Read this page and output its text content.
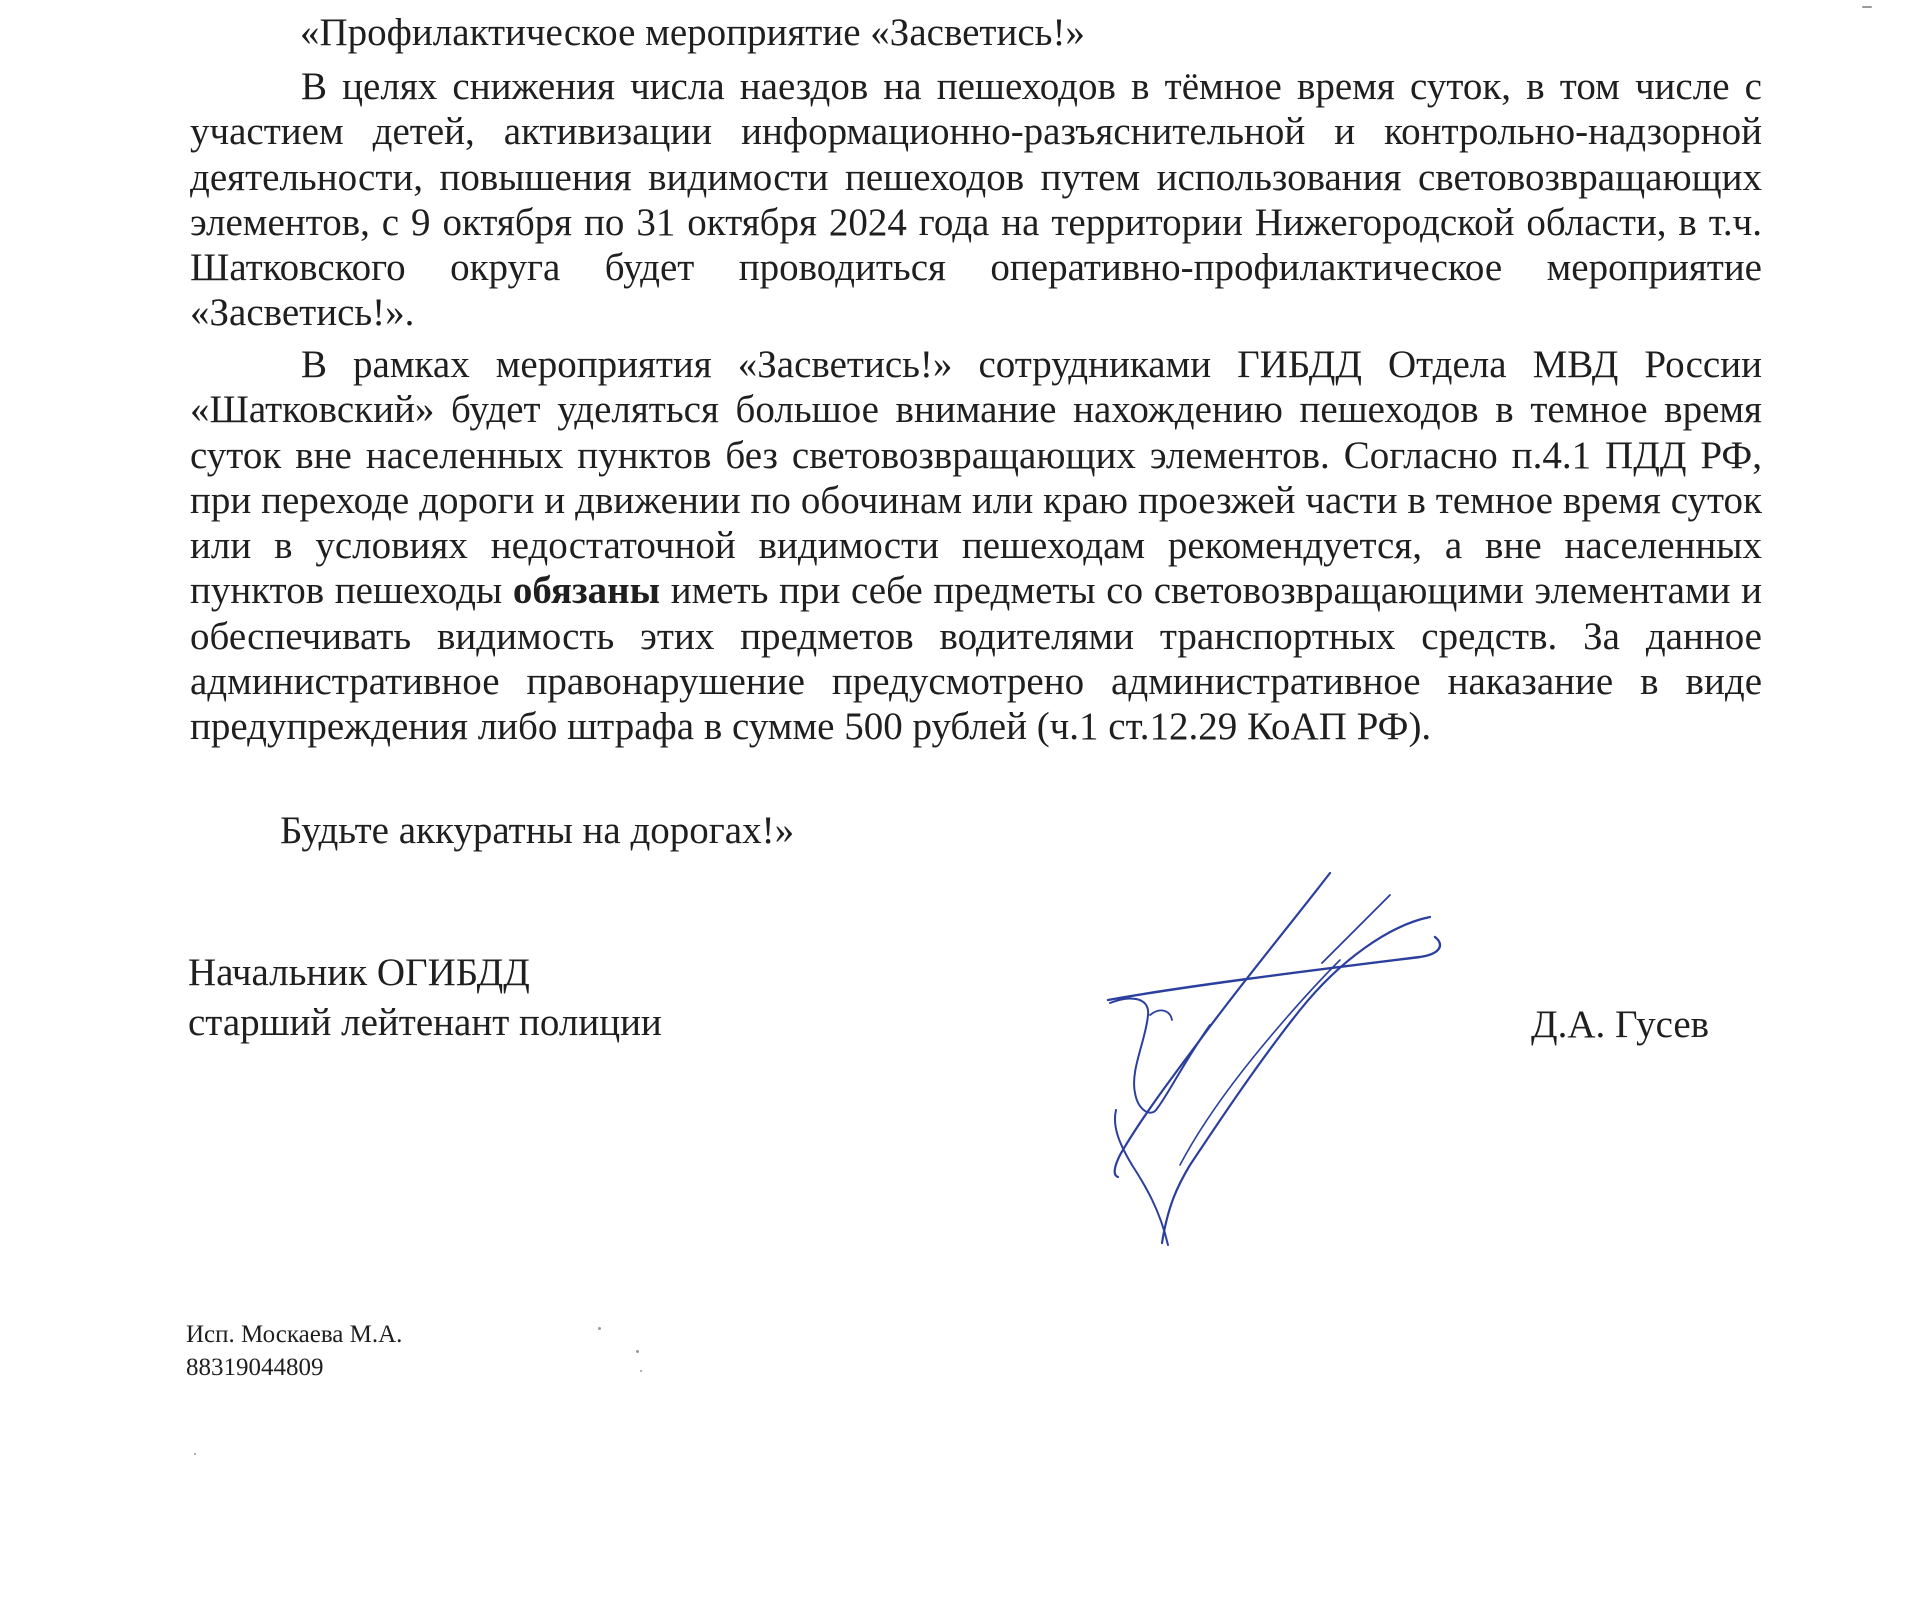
«Профилактическое мероприятие «Засветись!»

В целях снижения числа наездов на пешеходов в тёмное время суток, в том числе с участием детей, активизации информационно-разъяснительной и контрольно-надзорной деятельности, повышения видимости пешеходов путем использования световозвращающих элементов, с 9 октября по 31 октября 2024 года на территории Нижегородской области, в т.ч. Шатковского округа будет проводиться оперативно-профилактическое мероприятие «Засветись!».

В рамках мероприятия «Засветись!» сотрудниками ГИБДД Отдела МВД России «Шатковский» будет уделяться большое внимание нахождению пешеходов в темное время суток вне населенных пунктов без световозвращающих элементов. Согласно п.4.1 ПДД РФ, при переходе дороги и движении по обочинам или краю проезжей части в темное время суток или в условиях недостаточной видимости пешеходам рекомендуется, а вне населенных пунктов пешеходы обязаны иметь при себе предметы со световозвращающими элементами и обеспечивать видимость этих предметов водителями транспортных средств. За данное административное правонарушение предусмотрено административное наказание в виде предупреждения либо штрафа в сумме 500 рублей (ч.1 ст.12.29 КоАП РФ).

Будьте аккуратны на дорогах!»
Начальник ОГИБДД
старший лейтенант полиции	Д.А. Гусев
Исп. Москаева М.А.
88319044809
